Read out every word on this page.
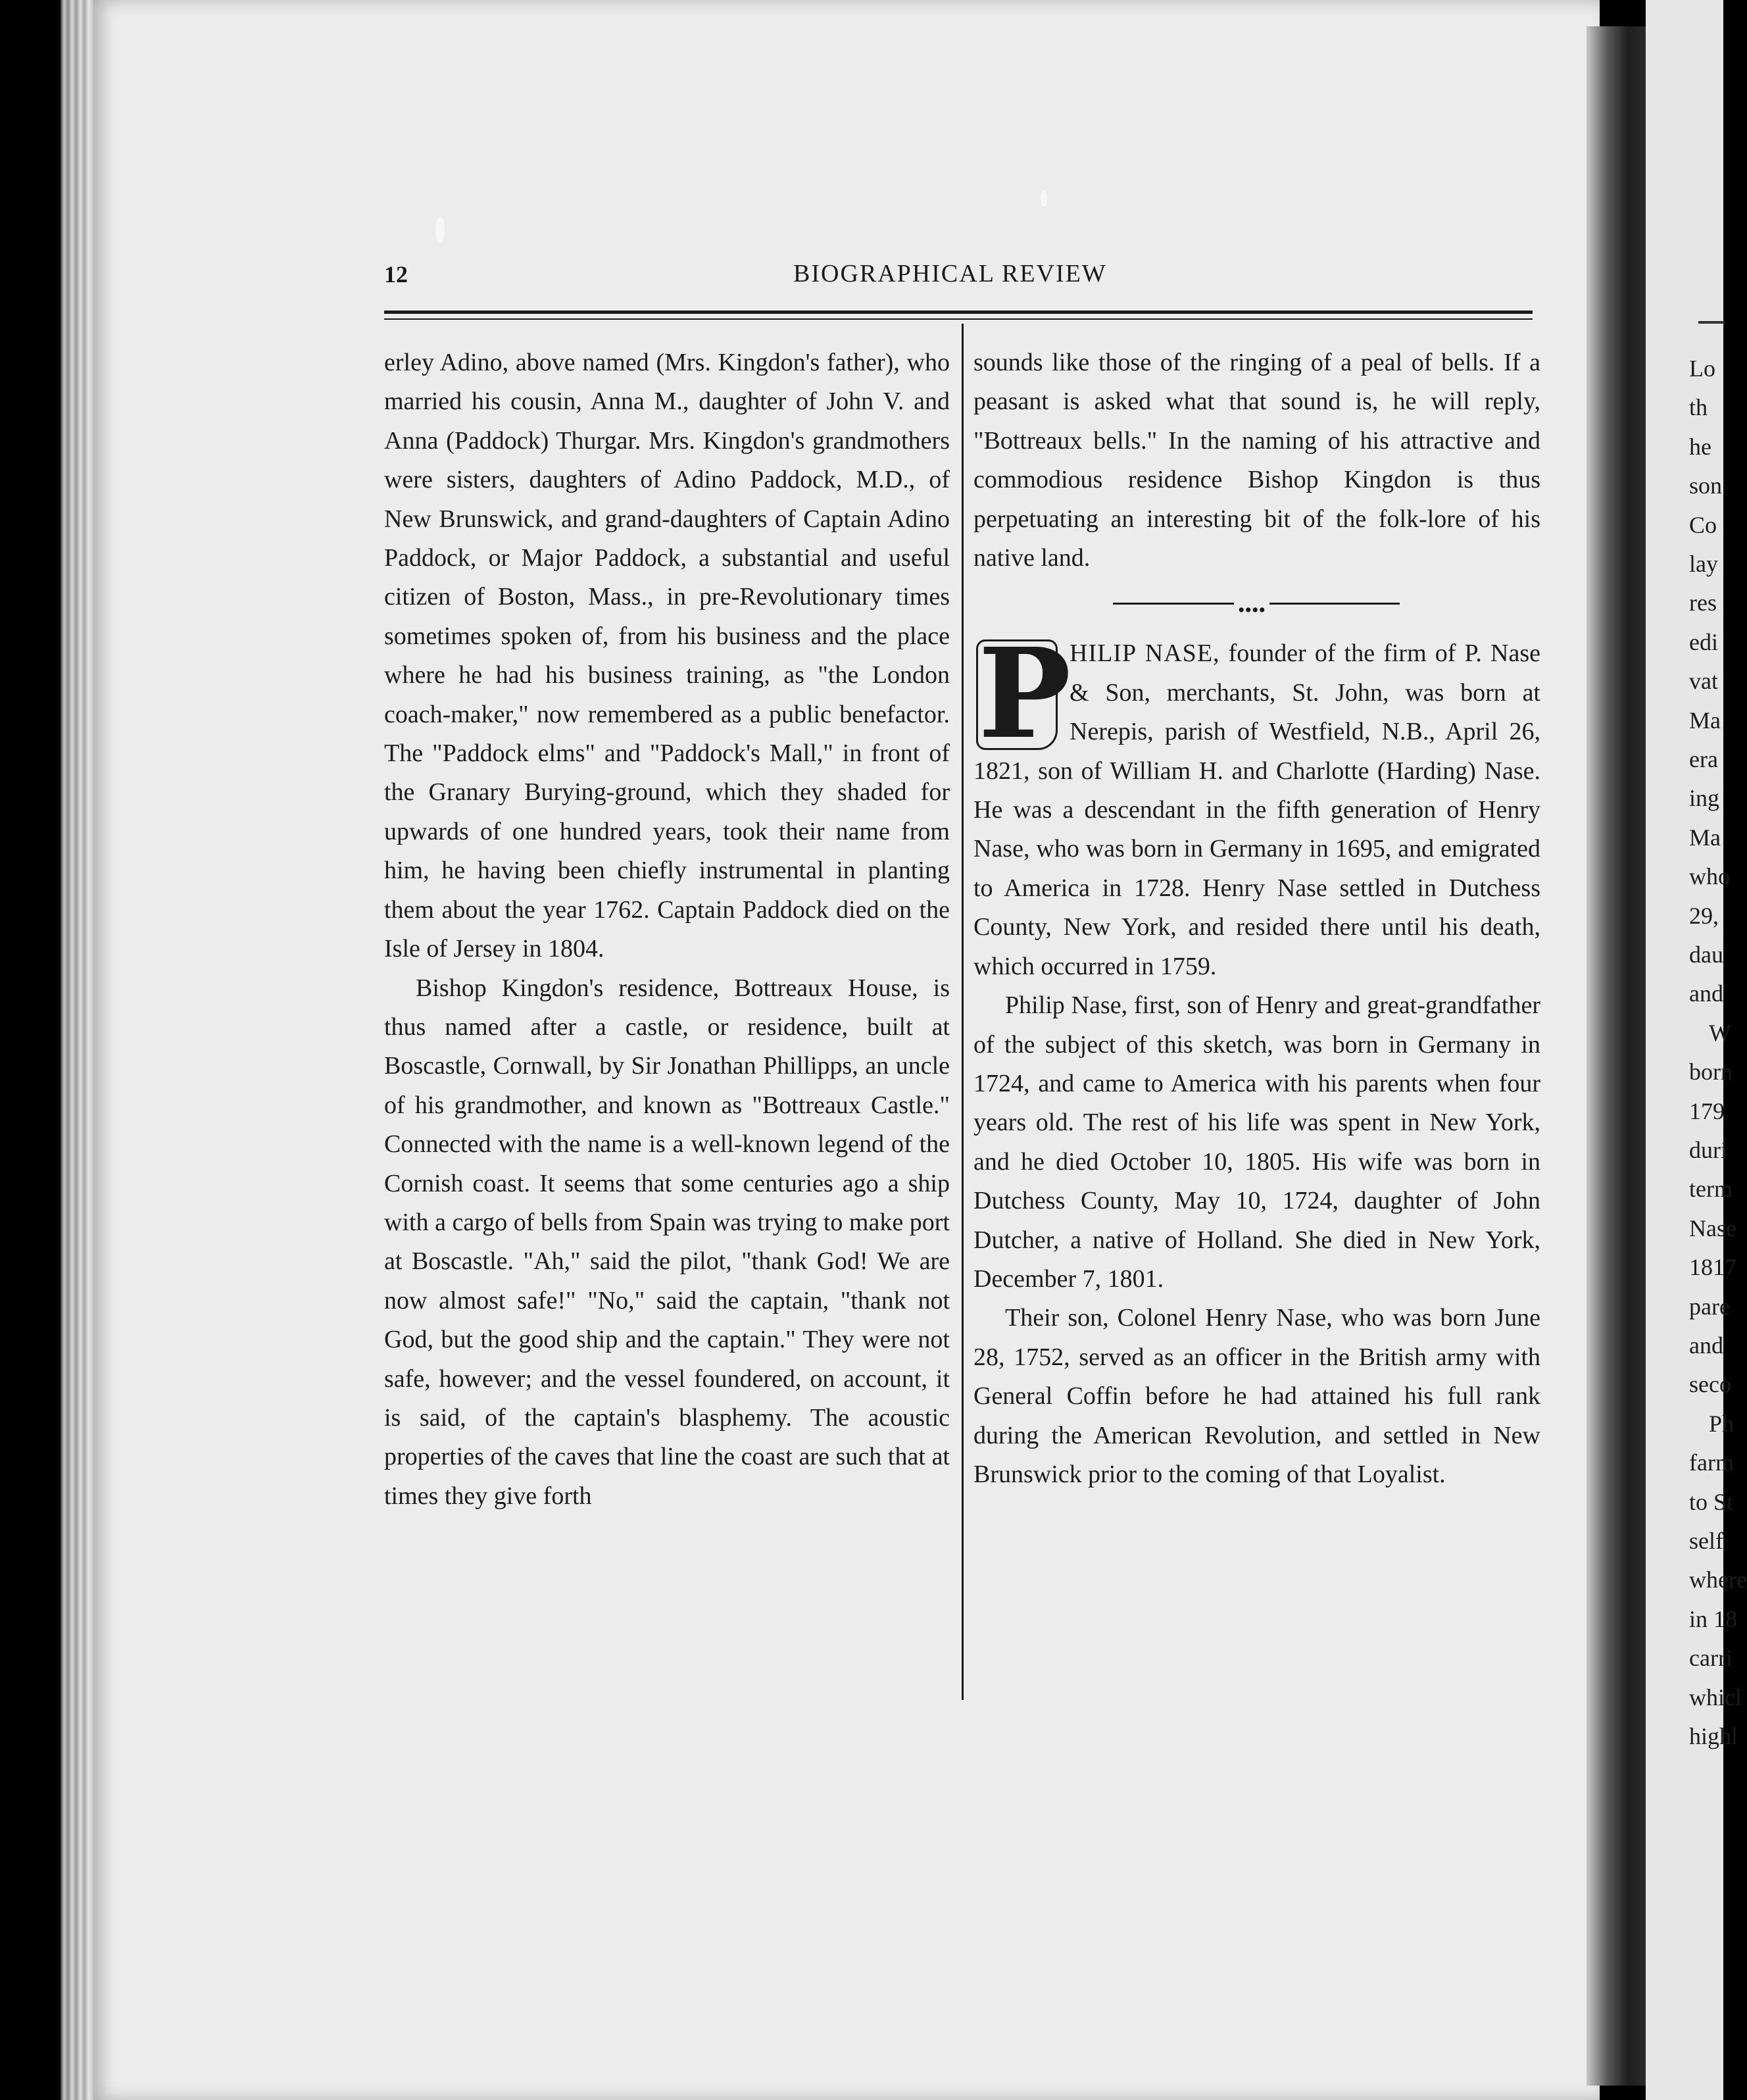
12	BIOGRAPHICAL REVIEW

erley Adino, above named (Mrs. Kingdon's father), who married his cousin, Anna M., daughter of John V. and Anna (Paddock) Thurgar. Mrs. Kingdon's grandmothers were sisters, daughters of Adino Paddock, M.D., of New Brunswick, and grand-daughters of Captain Adino Paddock, or Major Paddock, a substantial and useful citizen of Boston, Mass., in pre-Revolutionary times sometimes spoken of, from his business and the place where he had his business training, as "the London coach-maker," now remembered as a public benefactor. The "Paddock elms" and "Paddock's Mall," in front of the Granary Burying-ground, which they shaded for upwards of one hundred years, took their name from him, he having been chiefly instrumental in planting them about the year 1762. Captain Paddock died on the Isle of Jersey in 1804.

Bishop Kingdon's residence, Bottreaux House, is thus named after a castle, or residence, built at Boscastle, Cornwall, by Sir Jonathan Phillipps, an uncle of his grandmother, and known as "Bottreaux Castle." Connected with the name is a well-known legend of the Cornish coast. It seems that some centuries ago a ship with a cargo of bells from Spain was trying to make port at Boscastle. "Ah," said the pilot, "thank God! We are now almost safe!" "No," said the captain, "thank not God, but the good ship and the captain." They were not safe, however; and the vessel foundered, on account, it is said, of the captain's blasphemy. The acoustic properties of the caves that line the coast are such that at times they give forth

sounds like those of the ringing of a peal of bells. If a peasant is asked what that sound is, he will reply, "Bottreaux bells." In the naming of his attractive and commodious residence Bishop Kingdon is thus perpetuating an interesting bit of the folk-lore of his native land.

••••

P
HILIP NASE, founder of the firm of P. Nase & Son, merchants, St. John, was born at Nerepis, parish of Westfield, N.B., April 26, 1821, son of William H. and Charlotte (Harding) Nase. He was a descendant in the fifth generation of Henry Nase, who was born in Germany in 1695, and emigrated to America in 1728. Henry Nase settled in Dutchess County, New York, and resided there until his death, which occurred in 1759.

Philip Nase, first, son of Henry and great-grandfather of the subject of this sketch, was born in Germany in 1724, and came to America with his parents when four years old. The rest of his life was spent in New York, and he died October 10, 1805. His wife was born in Dutchess County, May 10, 1724, daughter of John Dutcher, a native of Holland. She died in New York, December 7, 1801.

Their son, Colonel Henry Nase, who was born June 28, 1752, served as an officer in the British army with General Coffin before he had attained his full rank during the American Revolution, and settled in New Brunswick prior to the coming of that Loyalist.

Lo
th
he
son
Co
lay
res
edi
vat
Ma
era
ing
Ma
who
29,
dau
and
W
born
179
duri
term
Nase
1817
pare
and
seco
Ph
farm
to St
self
where
in 18
carri
whicl
highl
